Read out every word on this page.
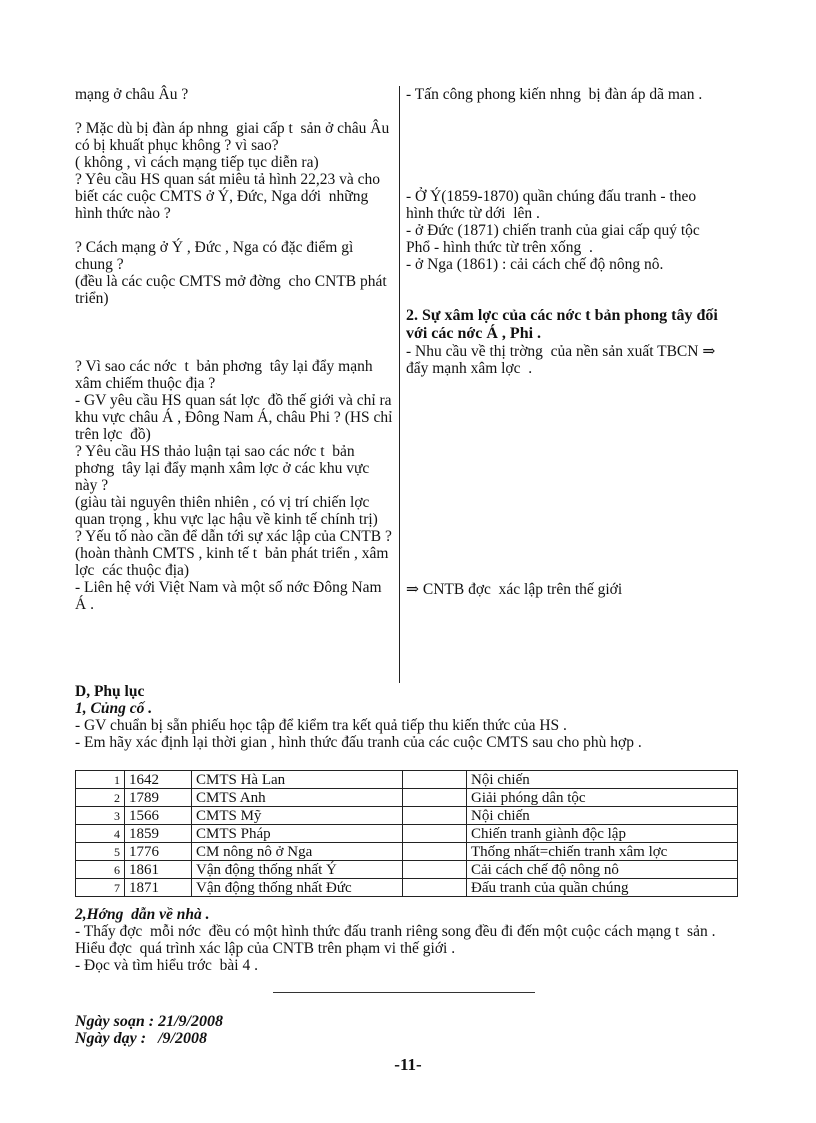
mạng ở châu Âu ?
? Mặc dù bị đàn áp nhng  giai cấp t  sản ở châu Âu có bị khuất phục không ? vì sao?
( không , vì cách mạng tiếp tục diễn ra)
? Yêu cầu HS quan sát miêu tả hình 22,23 và cho biết các cuộc CMTS ở Ý, Đức, Nga dới  những hình thức nào ?
? Cách mạng ở Ý , Đức , Nga có đặc điểm gì chung ?
(đều là các cuộc CMTS mở đờng  cho CNTB phát triển)
? Vì sao các nớc  t  bản phơng  tây lại đẩy mạnh xâm chiếm thuộc địa ?
- GV yêu cầu HS quan sát lợc  đồ thế giới và chỉ ra khu vực châu Á , Đông Nam Á, châu Phi ? (HS chỉ trên lợc  đồ)
? Yêu cầu HS thảo luận tại sao các nớc t  bản phơng  tây lại đẩy mạnh xâm lợc ở các khu vực này ?
(giàu tài nguyên thiên nhiên , có vị trí chiến lợc  quan trọng , khu vực lạc hậu về kinh tế chính trị)
? Yếu tố nào cần để dẫn tới sự xác lập của CNTB ?
(hoàn thành CMTS , kinh tế t  bản phát triển , xâm lợc  các thuộc địa)
- Liên hệ với Việt Nam và một số nớc Đông Nam Á .
- Tấn công phong kiến nhng  bị đàn áp dã man .
- Ở Ý(1859-1870) quần chúng đấu tranh - theo hình thức từ dới  lên .
- ở Đức (1871) chiến tranh của giai cấp quý tộc Phổ - hình thức từ trên xống  .
- ở Nga (1861) : cải cách chế độ nông nô.
2. Sự xâm lợc của các nớc t bản phong tây đối với các nớc Á , Phi .
- Nhu cầu về thị trờng  của nền sản xuất TBCN ⇒ đẩy mạnh xâm lợc  .
⇒ CNTB đợc  xác lập trên thế giới
D, Phụ lục
1, Củng cố .
- GV chuẩn bị sẵn phiếu học tập để kiểm tra kết quả tiếp thu kiến thức của HS .
- Em hãy xác định lại thời gian , hình thức đấu tranh của các cuộc CMTS sau cho phù hợp .
1	1642	CMTS Hà Lan		Nội chiến
2	1789	CMTS Anh		Giải phóng dân tộc
3	1566	CMTS Mỹ		Nội chiến
4	1859	CMTS Pháp		Chiến tranh giành độc lập
5	1776	CM nông nô ở Nga		Thống nhất=chiến tranh xâm lợc
6	1861	Vận động thống nhất Ý		Cải cách chế độ nông nô
7	1871	Vận động thống nhất Đức		Đấu tranh của quần chúng
2,Hớng  dẫn về nhà .
- Thấy đợc  mỗi nớc  đều có một hình thức đấu tranh riêng song đều đi đến một cuộc cách mạng t  sản . Hiểu đợc  quá trình xác lập của CNTB trên phạm vi thế giới .
- Đọc và tìm hiểu trớc  bài 4 .
Ngày soạn : 21/9/2008
Ngày dạy :   /9/2008
-11-
